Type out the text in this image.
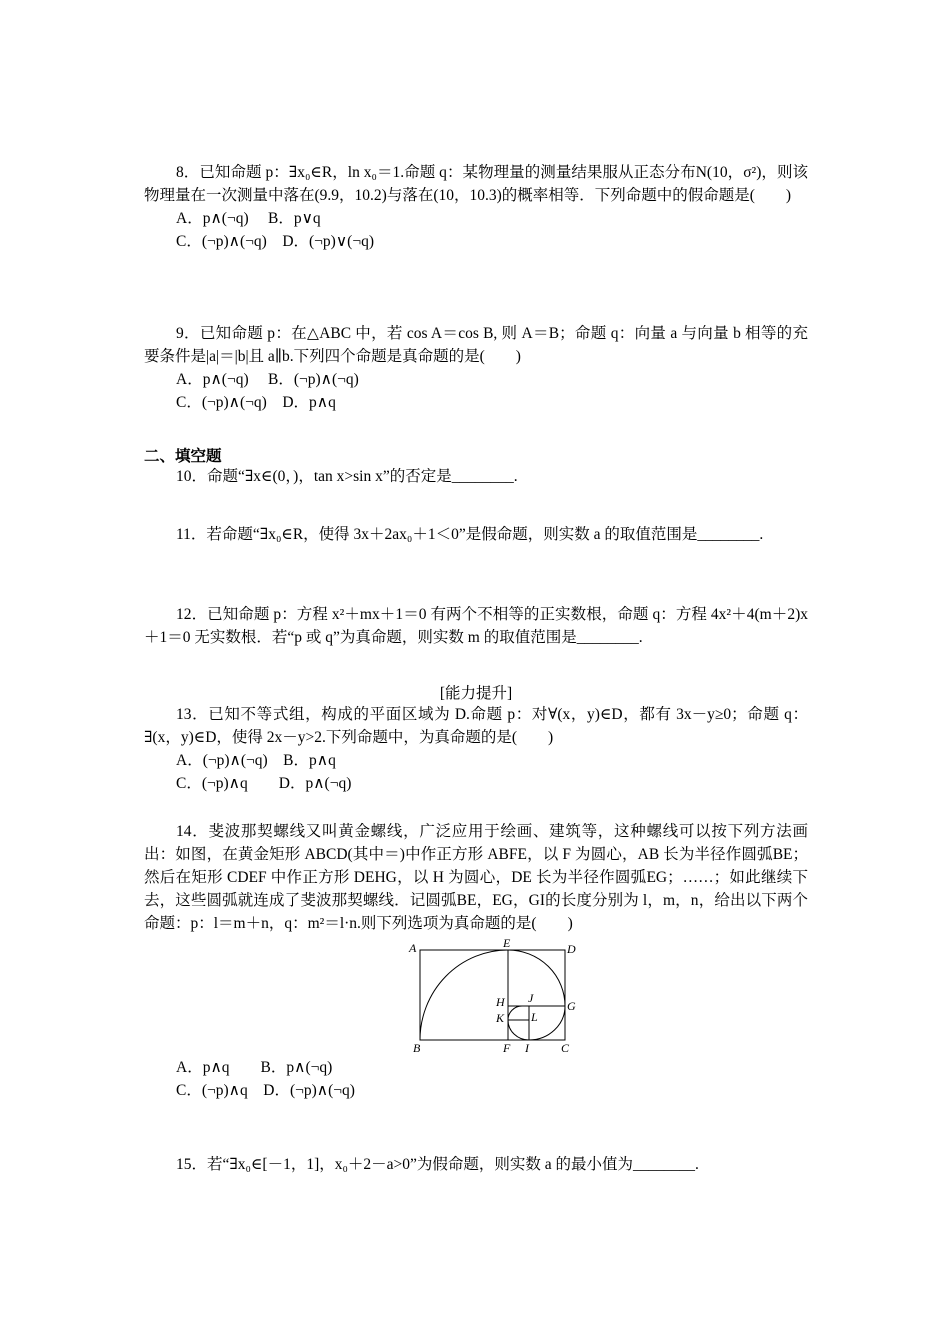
8．已知命题 p：∃x₀∈R，ln x₀＝1.命题 q：某物理量的测量结果服从正态分布N(10，σ²)，则该物理量在一次测量中落在(9.9，10.2)与落在(10，10.3)的概率相等．下列命题中的假命题是(　　)

A．p∧(¬q)　 B．p∨q

C．(¬p)∧(¬q)　D．(¬p)∨(¬q)

9．已知命题 p：在△ABC 中，若 cos A＝cos B, 则 A＝B；命题 q：向量 a 与向量 b 相等的充要条件是|a|＝|b|且 a∥b.下列四个命题是真命题的是(　　)

A．p∧(¬q)　 B．(¬p)∧(¬q)

C．(¬p)∧(¬q)　D．p∧q

二、填空题

10．命题“∃x∈(0，)，tan x>sin x”的否定是________.

11．若命题“∃x₀∈R，使得 3x＋2ax₀＋1＜0”是假命题，则实数 a 的取值范围是________.

12．已知命题 p：方程 x²＋mx＋1＝0 有两个不相等的正实数根，命题 q：方程 4x²＋4(m＋2)x＋1＝0 无实数根．若“p 或 q”为真命题，则实数 m 的取值范围是________.

[能力提升]

13．已知不等式组，构成的平面区域为 D.命题 p：对∀(x，y)∈D，都有 3x－y≥0；命题 q：∃(x，y)∈D，使得 2x－y>2.下列命题中，为真命题的是(　　)

A．(¬p)∧(¬q)　B．p∧q

C．(¬p)∧q　　D．p∧(¬q)

14．斐波那契螺线又叫黄金螺线，广泛应用于绘画、建筑等，这种螺线可以按下列方法画出：如图，在黄金矩形 ABCD(其中＝)中作正方形 ABFE，以 F 为圆心，AB 长为半径作圆弧BE；然后在矩形 CDEF 中作正方形 DEHG，以 H 为圆心，DE 长为半径作圆弧EG；……；如此继续下去，这些圆弧就连成了斐波那契螺线．记圆弧BE，EG，GI的长度分别为 l，m，n，给出以下两个命题：p：l＝m＋n，q：m²＝l·n.则下列选项为真命题的是(　　)

A
B	C
D
E
F
G
H
I
J
K L

A．p∧q　　B．p∧(¬q)

C．(¬p)∧q　D．(¬p)∧(¬q)

15．若“∃x₀∈[－1，1]，x₀＋2－a>0”为假命题，则实数 a 的最小值为________.
